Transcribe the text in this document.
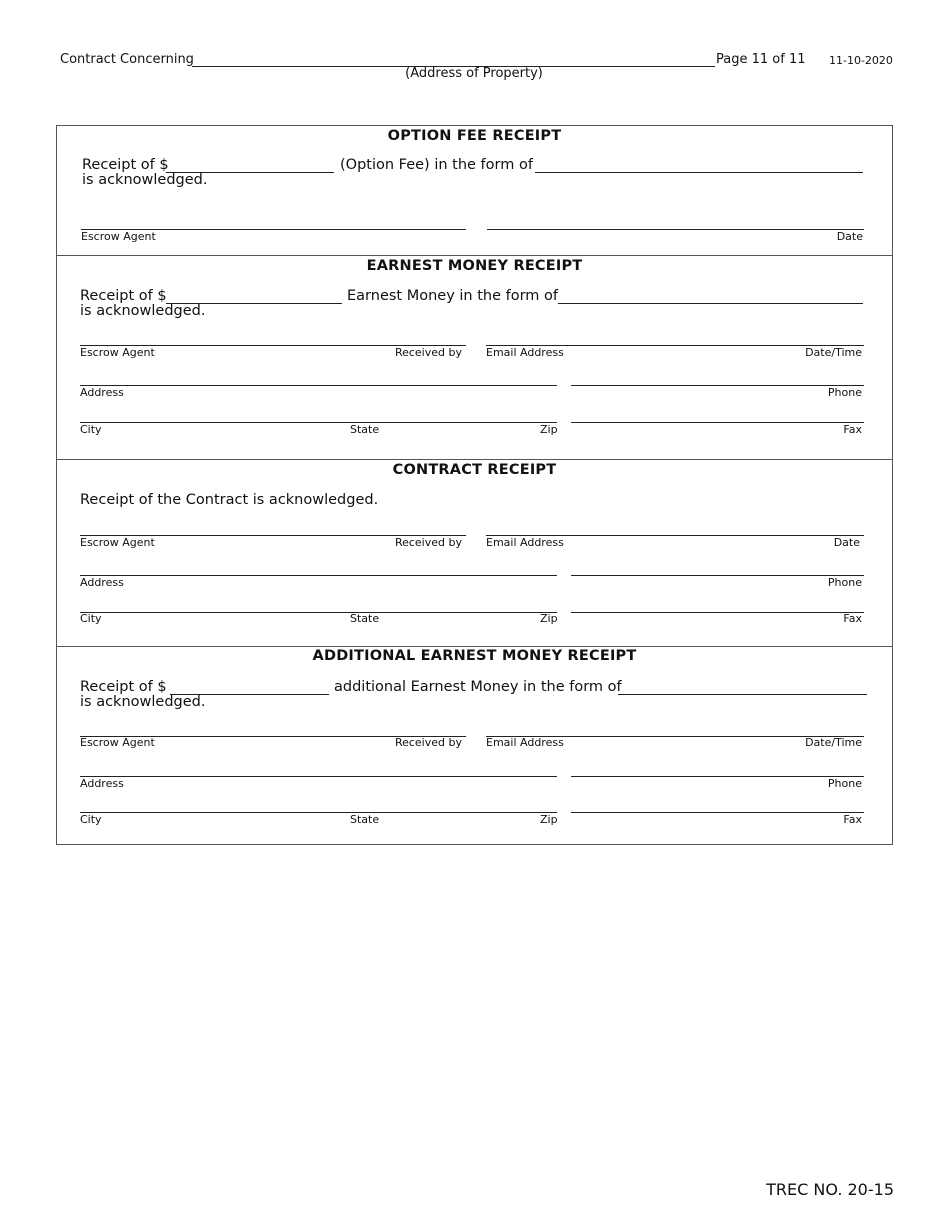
Contract Concerning
(Address of Property)
Page 11 of 11 11-10-2020
OPTION FEE RECEIPT
Receipt of $	(Option Fee) in the form of
is acknowledged.
Escrow Agent	Date
EARNEST MONEY RECEIPT
Receipt of $	Earnest Money in the form of
is acknowledged.
Escrow Agent	Received by Email Address	Date/Time
Address	Phone
City	State	Zip	Fax
CONTRACT RECEIPT
Receipt of the Contract is acknowledged.
Escrow Agent	Received by Email Address	Date
Address	Phone
City	State	Zip	Fax
ADDITIONAL EARNEST MONEY RECEIPT
Receipt of $	additional Earnest Money in the form of
is acknowledged.
Escrow Agent	Received by Email Address	Date/Time
Address	Phone
City	State	Zip	Fax
TREC NO. 20-15
